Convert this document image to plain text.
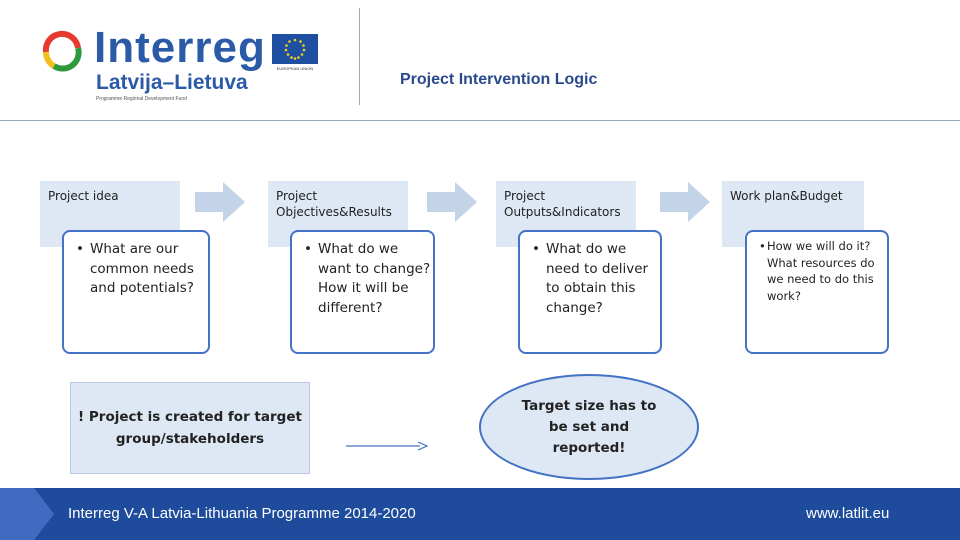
Interreg
Latvija–Lietuva
Programme Regional Development Fund
EUROPEAN UNION
Project Intervention Logic
Project idea
• What are our common needs and potentials?
Project Objectives&Results
• What do we want to change? How it will be different?
Project Outputs&Indicators
• What do we need to deliver to obtain this change?
Work plan&Budget
• How we will do it? What resources do we need to do this work?
! Project is created for target group/stakeholders
Target size has to be set and reported!
Interreg V-A Latvia-Lithuania Programme 2014-2020	www.latlit.eu
